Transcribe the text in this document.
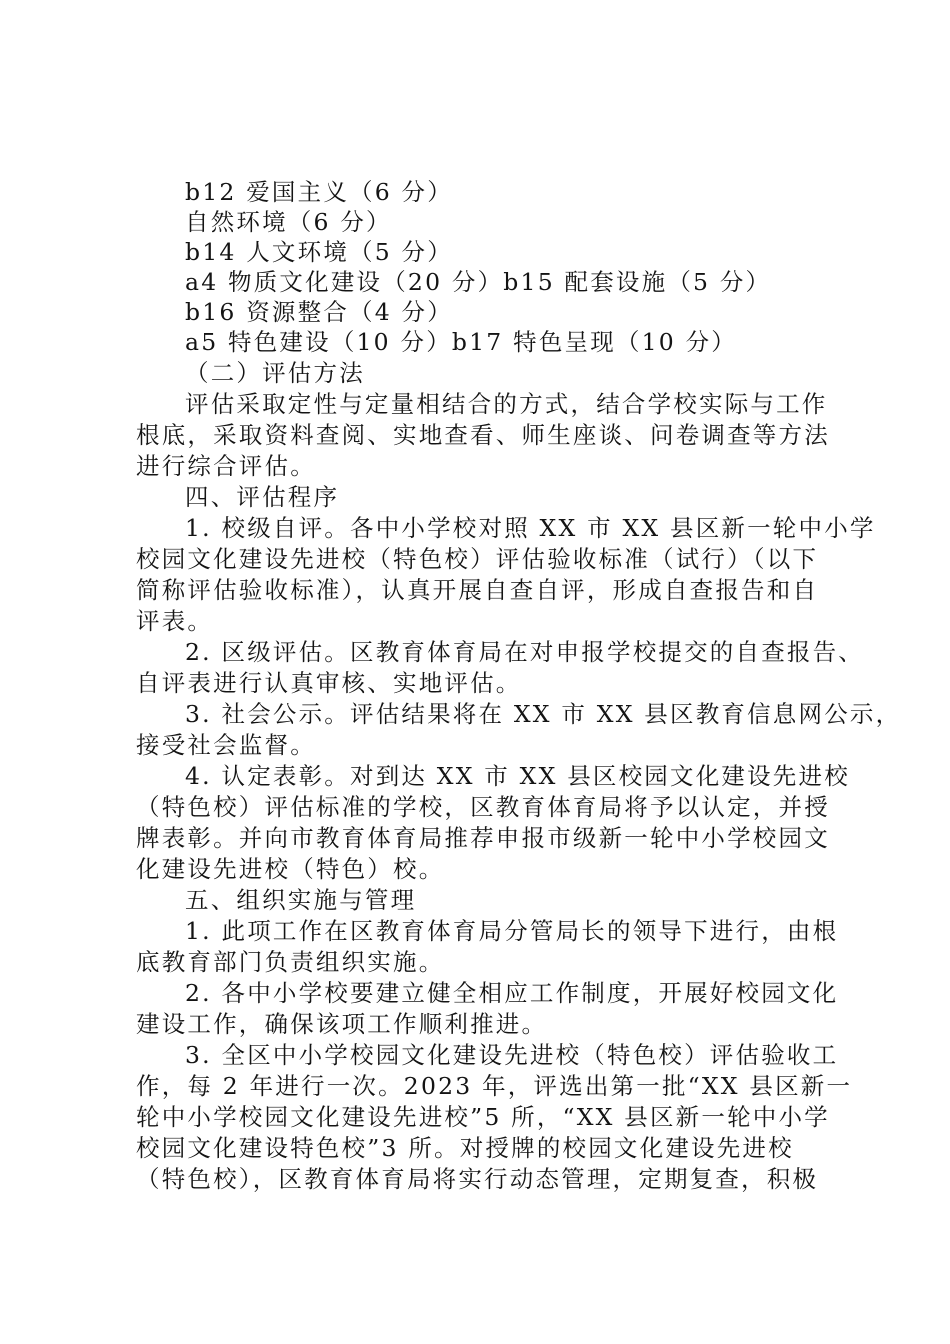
b12 爱国主义（6 分）
自然环境（6 分）
b14 人文环境（5 分）
a4 物质文化建设（20 分）b15 配套设施（5 分）
b16 资源整合（4 分）
a5 特色建设（10 分）b17 特色呈现（10 分）
（二）评估方法
评估采取定性与定量相结合的方式，结合学校实际与工作
根底，采取资料查阅、实地查看、师生座谈、问卷调查等方法
进行综合评估。
四、评估程序
1. 校级自评。各中小学校对照 XX 市 XX 县区新一轮中小学
校园文化建设先进校（特色校）评估验收标准（试行）（以下
简称评估验收标准），认真开展自查自评，形成自查报告和自
评表。
2. 区级评估。区教育体育局在对申报学校提交的自查报告、
自评表进行认真审核、实地评估。
3. 社会公示。评估结果将在 XX 市 XX 县区教育信息网公示，
接受社会监督。
4. 认定表彰。对到达 XX 市 XX 县区校园文化建设先进校
（特色校）评估标准的学校，区教育体育局将予以认定，并授
牌表彰。并向市教育体育局推荐申报市级新一轮中小学校园文
化建设先进校（特色）校。
五、组织实施与管理
1. 此项工作在区教育体育局分管局长的领导下进行，由根
底教育部门负责组织实施。
2. 各中小学校要建立健全相应工作制度，开展好校园文化
建设工作，确保该项工作顺利推进。
3. 全区中小学校园文化建设先进校（特色校）评估验收工
作，每 2 年进行一次。2023 年，评选出第一批“XX 县区新一
轮中小学校园文化建设先进校”5 所，“XX 县区新一轮中小学
校园文化建设特色校”3 所。对授牌的校园文化建设先进校
（特色校），区教育体育局将实行动态管理，定期复查，积极
